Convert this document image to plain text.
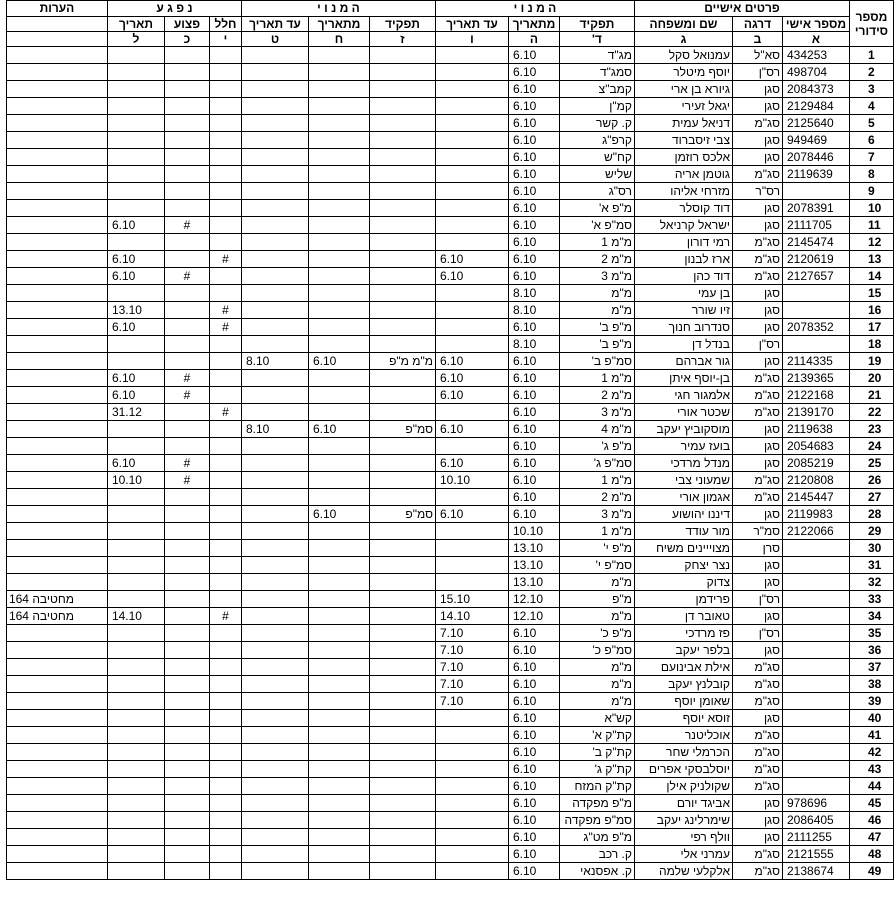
מספר סידורי	פרטים אישיים			ה מ נ ו י			ה מ נ ו י			נ פ ג ע			הערות
	מספר אישי	דרגה	שם ומשפחה	תפקיד	מתאריך	עד תאריך	תפקיד	מתאריך	עד תאריך	חלל	פצוע	תאריך	
	א	ב	ג	ד'	ה	ו	ז	ח	ט	י	כ	ל	
1	434253	סא"ל	עמנואל סקל	מג"ד	6.10								
2	498704	רס"ן	יוסף מיטלר	סמג"ד	6.10								
3	2084373	סגן	גיורא בן ארי	קמב"צ	6.10								
4	2129484	סגן	יגאל זעירי	קמ"ן	6.10								
5	2125640	סג"מ	דניאל עמית	ק. קשר	6.10								
6	949469	סגן	צבי זיסברוד	קרפ"ג	6.10								
7	2078446	סגן	אלכס רוזמן	קח"ש	6.10								
8	2119639	סג"מ	גוטמן אריה	שליש	6.10								
9		רס"ר	מזרחי אליהו	רס"ג	6.10								
10	2078391	סגן	דוד קוסלר	מ"פ א'	6.10								
11	2111705	סגן	ישראל קרניאל	סמ"פ א'	6.10						#	6.10	
12	2145474	סג"מ	רמי דורון	מ"מ 1	6.10								
13	2120619	סג"מ	ארז לבנון	מ"מ 2	6.10	6.10				#		6.10	
14	2127657	סג"מ	דוד כהן	מ"מ 3	6.10	6.10					#	6.10	
15		סגן	בן עמי	מ"מ	8.10								
16		סגן	זיו שורר	מ"מ	8.10					#		13.10	
17	2078352	סגן	סנדרוב חנוך	מ"פ ב'	6.10					#		6.10	
18		רס"ן	בנדל דן	מ"פ ב'	8.10								
19	2114335	סגן	גור אברהם	סמ"פ ב'	6.10	6.10	מ"מ מ"פ	6.10	8.10				
20	2139365	סג"מ	בן-יוסף איתן	מ"מ 1	6.10	6.10					#	6.10	
21	2122168	סג"מ	אלמגור חגי	מ"מ 2	6.10	6.10					#	6.10	
22	2139170	סג"מ	שכטר אורי	מ"מ 3	6.10					#		31.12	
23	2119638	סגן	מוסקוביץ יעקב	מ"מ 4	6.10	6.10	סמ"פ	6.10	8.10				
24	2054683	סגן	בועז עמיר	מ"פ ג'	6.10								
25	2085219	סגן	מנדל מרדכי	סמ"פ ג'	6.10	6.10					#	6.10	
26	2120808	סג"מ	שמעוני צבי	מ"מ 1	6.10	10.10					#	10.10	
27	2145447	סג"מ	אגמון אורי	מ"מ 2	6.10								
28	2119983	סגן	דיננו יהושוע	מ"מ 3	6.10	6.10	סמ"פ	6.10					
29	2122066	סמ"ר	מור עודד	מ"מ 1	10.10								
30		סרן	מצוייינים משיח	מ"פ י'	13.10								
31		סגן	נצר יצחק	סמ"פ י'	13.10								
32		סגן	צדוק	מ"מ	13.10								
33		רס"ן	פרידמן	מ"פ	12.10	15.10							מחטיבה 164
34		סגן	טאובר דן	מ"מ	12.10	14.10				#		14.10	מחטיבה 164
35		רס"ן	פז מרדכי	מ"פ כ'	6.10	7.10							
36		סגן	בלפר יעקב	סמ"פ כ'	6.10	7.10							
37		סג"מ	אילת אבינועם	מ"מ	6.10	7.10							
38		סג"מ	קובלנץ יעקב	מ"מ	6.10	7.10							
39		סג"מ	שאומן יוסף	מ"מ	6.10	7.10							
40		סגן	זוסא יוסף	קש"א	6.10								
41		סג"מ	אוכליטנר	קת"ק א'	6.10								
42		סג"מ	הכרמלי שחר	קת"ק ב'	6.10								
43		סג"מ	יוסלבסקי אפרים	קת"ק ג'	6.10								
44		סג"מ	שקולניק אילן	קת"ק המזח	6.10								
45	978696	סגן	אביגד יורם	מ"פ מפקדה	6.10								
46	2086405	סגן	שימרלינג יעקב	סמ"פ מפקדה	6.10								
47	2111255	סגן	וולף רפי	מ"פ מט"ג	6.10								
48	2121555	סג"מ	עמרני אלי	ק. רכב	6.10								
49	2138674	סג"מ	אלקלעי שלמה	ק. אפסנאי	6.10								
